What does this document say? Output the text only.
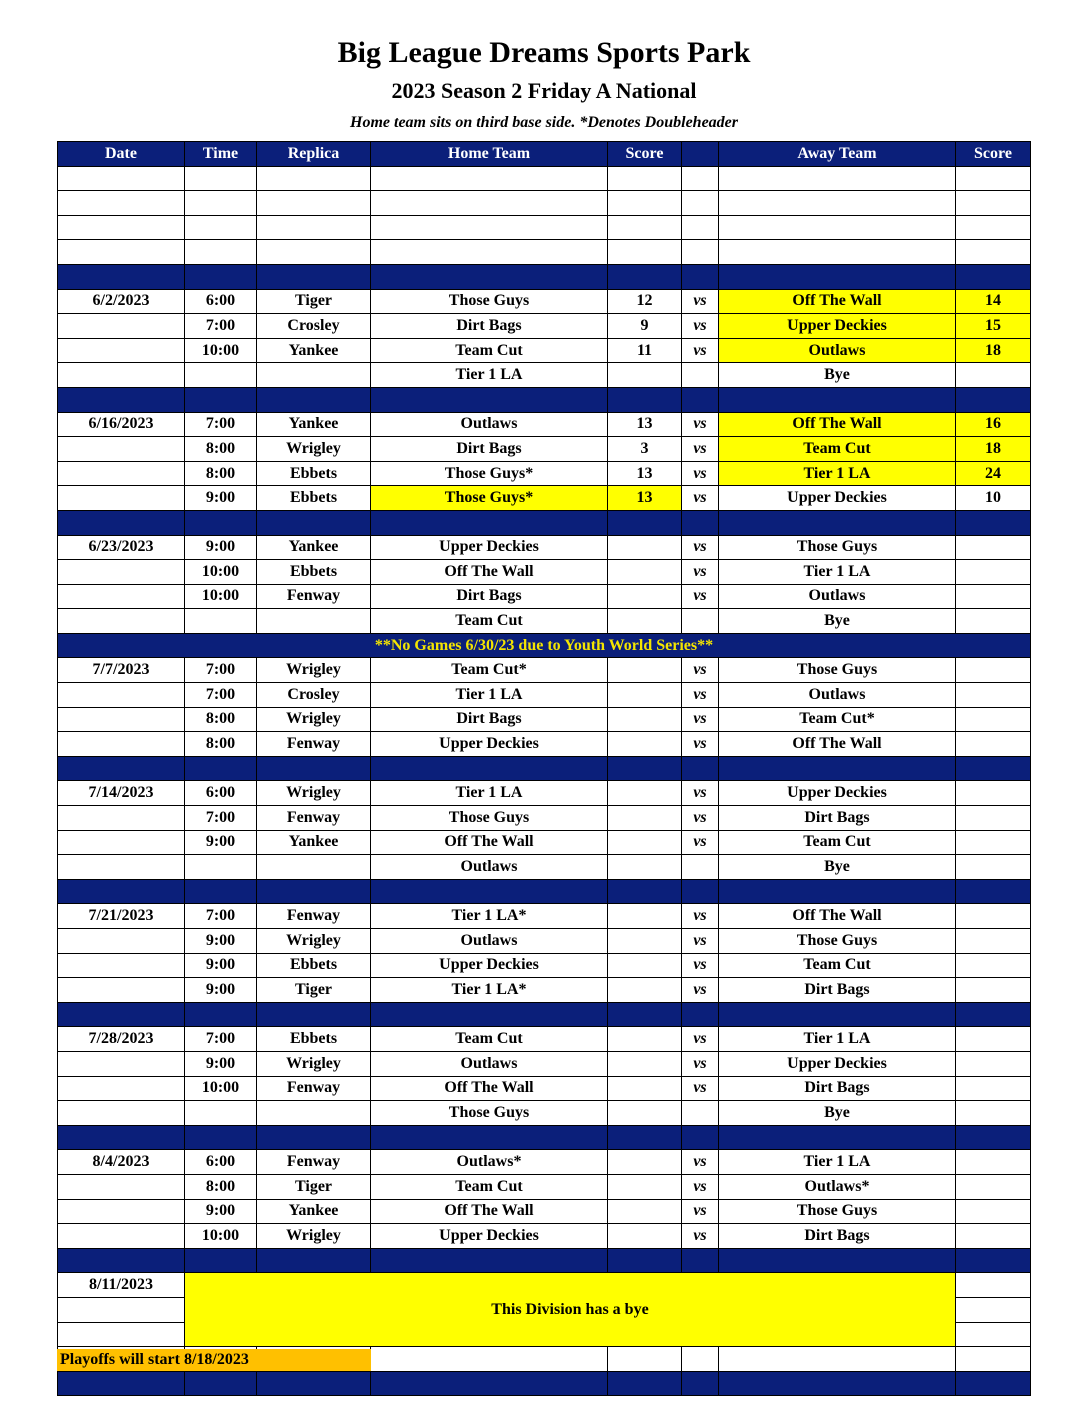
Big League Dreams Sports Park
2023 Season 2 Friday A National
Home team sits on third base side. *Denotes Doubleheader
Date	Time	Replica	Home Team	Score		Away Team	Score

6/2/2023	6:00	Tiger	Those Guys	12	vs	Off The Wall	14
	7:00	Crosley	Dirt Bags	9	vs	Upper Deckies	15
	10:00	Yankee	Team Cut	11	vs	Outlaws	18
			Tier 1 LA			Bye	

6/16/2023	7:00	Yankee	Outlaws	13	vs	Off The Wall	16
	8:00	Wrigley	Dirt Bags	3	vs	Team Cut	18
	8:00	Ebbets	Those Guys*	13	vs	Tier 1 LA	24
	9:00	Ebbets	Those Guys*	13	vs	Upper Deckies	10

6/23/2023	9:00	Yankee	Upper Deckies		vs	Those Guys	
	10:00	Ebbets	Off The Wall		vs	Tier 1 LA	
	10:00	Fenway	Dirt Bags		vs	Outlaws	
			Team Cut			Bye	
**No Games 6/30/23 due to Youth World Series**							
7/7/2023	7:00	Wrigley	Team Cut*		vs	Those Guys	
	7:00	Crosley	Tier 1 LA		vs	Outlaws	
	8:00	Wrigley	Dirt Bags		vs	Team Cut*	
	8:00	Fenway	Upper Deckies		vs	Off The Wall	

7/14/2023	6:00	Wrigley	Tier 1 LA		vs	Upper Deckies	
	7:00	Fenway	Those Guys		vs	Dirt Bags	
	9:00	Yankee	Off The Wall		vs	Team Cut	
			Outlaws			Bye	

7/21/2023	7:00	Fenway	Tier 1 LA*		vs	Off The Wall	
	9:00	Wrigley	Outlaws		vs	Those Guys	
	9:00	Ebbets	Upper Deckies		vs	Team Cut	
	9:00	Tiger	Tier 1 LA*		vs	Dirt Bags	

7/28/2023	7:00	Ebbets	Team Cut		vs	Tier 1 LA	
	9:00	Wrigley	Outlaws		vs	Upper Deckies	
	10:00	Fenway	Off The Wall		vs	Dirt Bags	
			Those Guys			Bye	

8/4/2023	6:00	Fenway	Outlaws*		vs	Tier 1 LA	
	8:00	Tiger	Team Cut		vs	Outlaws*	
	9:00	Yankee	Off The Wall		vs	Those Guys	
	10:00	Wrigley	Upper Deckies		vs	Dirt Bags	

8/11/2023	This Division has a bye						

Playoffs will start 8/18/2023
